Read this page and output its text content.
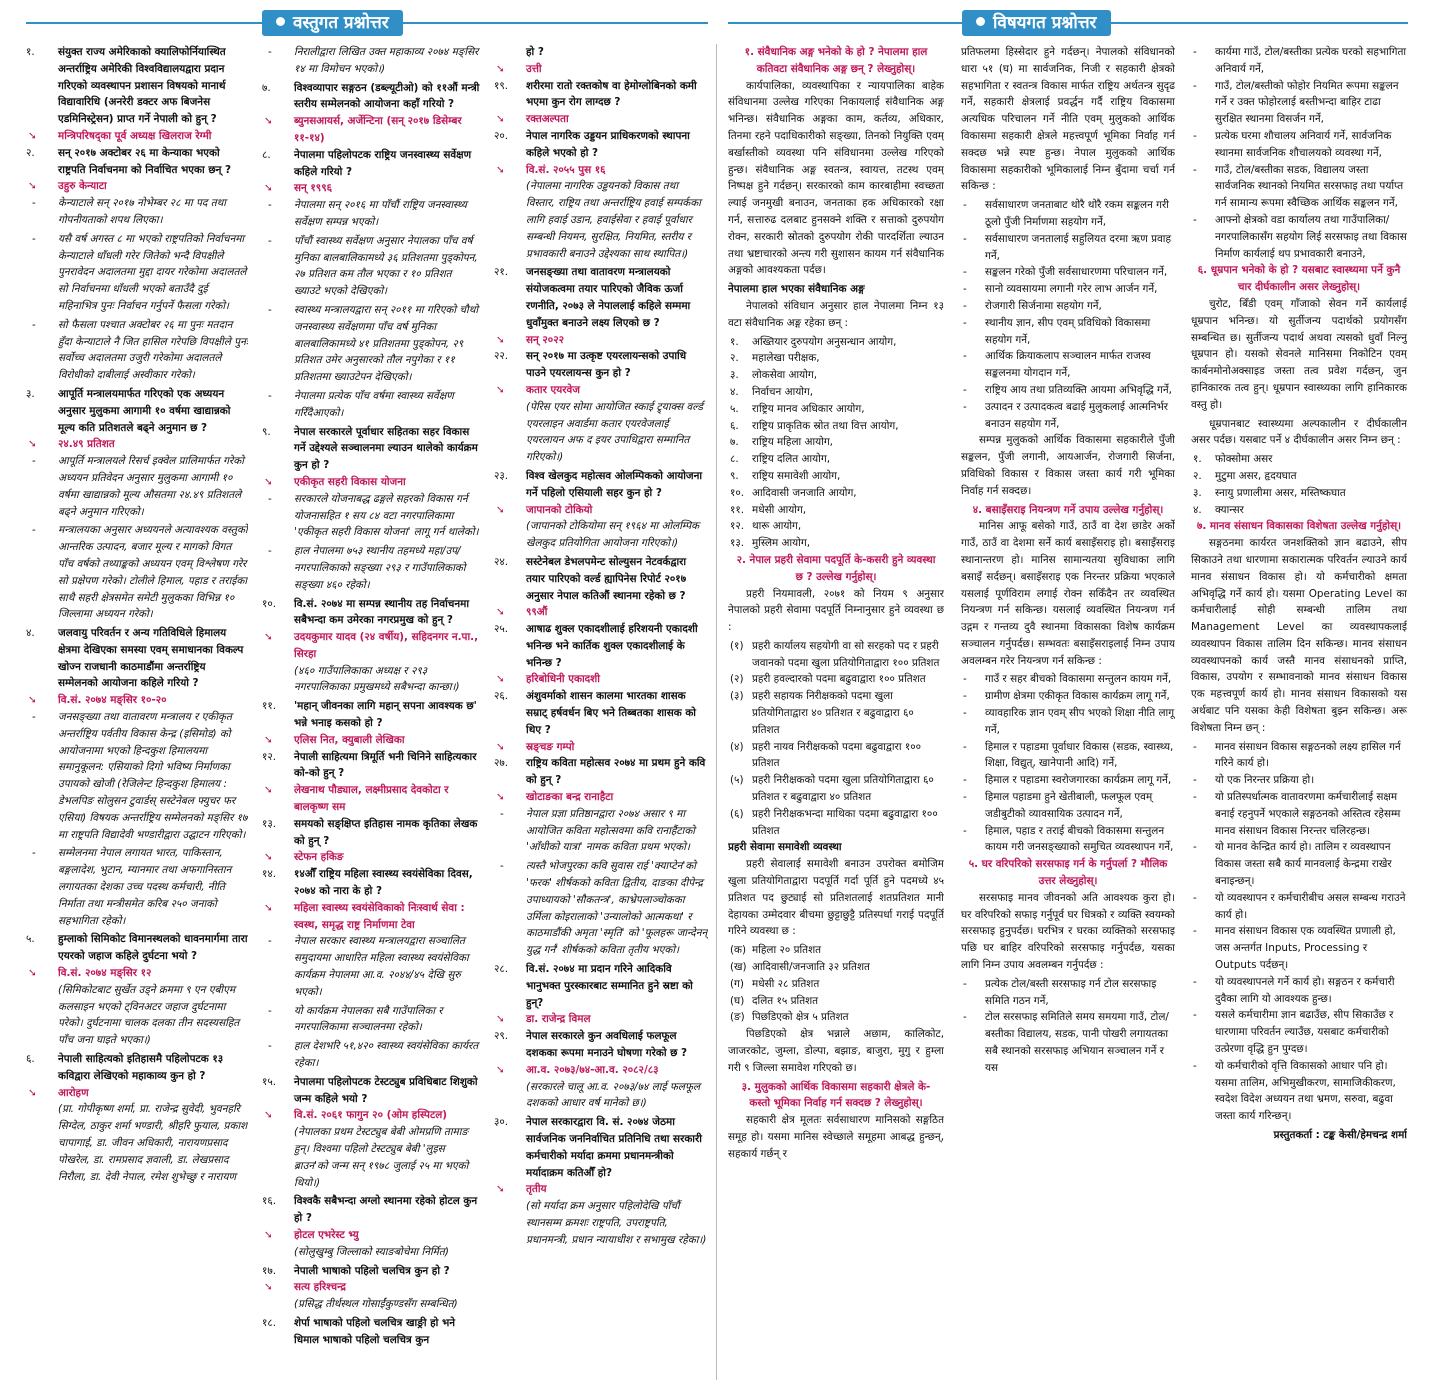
वस्तुगत प्रश्नोत्तर	विषयगत प्रश्नोत्तर

१. संयुक्त राज्य अमेरिकाको क्यालिफोर्नियास्थित अन्तर्राष्ट्रिय अमेरिकी विश्वविद्यालयद्वारा प्रदान गरिएको व्यवस्थापन प्रशासन विषयको मानार्थ विद्यावारिधि (अनरेरी डक्टर अफ बिजनेस एडमिनिस्ट्रेसन) प्राप्त गर्ने नेपाली को हुन् ?

➘ मन्त्रिपरिषद्का पूर्व अध्यक्ष खिलराज रेग्मी

२. सन् २०१७ अक्टोबर २६ मा केन्याका भएको राष्ट्रपति निर्वाचनमा को निर्वाचित भएका छन् ?

➘ उहुरु केन्याटा

- केन्याटाले सन् २०१७ नोभेम्बर २८ मा पद तथा गोपनीयताको शपथ लिएका।

- यसै वर्ष अगस्त ८ मा भएको राष्ट्रपतिको निर्वाचनमा केन्याटाले धाँधली गरेर जितेको भन्दै विपक्षीले पुनरावेदन अदालतमा मुद्दा दायर गरेकोमा अदालतले सो निर्वाचनमा धाँधली भएको बताउँदै दुई महिनाभित्र पुनः निर्वाचन गर्नुपर्ने फैसला गरेको।

- सो फैसला पश्चात अक्टोबर २६ मा पुनः मतदान हुँदा केन्याटाले नै जित हासिल गरेपछि विपक्षीले पुनः सर्वोच्च अदालतमा उजुरी गरेकोमा अदालतले विरोधीको दाबीलाई अस्वीकार गरेको।

३. आपूर्ति मन्त्रालयमार्फत गरिएको एक अध्ययन अनुसार मुलुकमा आगामी १० वर्षमा खाद्यान्नको मूल्य कति प्रतिशतले बढ्ने अनुमान छ ?

➘ २४.४९ प्रतिशत

- आपूर्ति मन्त्रालयले रिसर्च इक्वेल प्रालिमार्फत गरेको अध्ययन प्रतिवेदन अनुसार मुलुकमा आगामी १० वर्षमा खाद्यान्नको मूल्य औसतमा २४.४९ प्रतिशतले बढ्ने अनुमान गरिएको।

- मन्त्रालयका अनुसार अध्ययनले अत्यावश्यक वस्तुको आन्तरिक उत्पादन, बजार मूल्य र मागको विगत पाँच वर्षको तथ्याङ्कको अध्ययन एवम् विश्लेषण गरेर सो प्रक्षेपण गरेको। टोलीले हिमाल, पहाड र तराईका साथै सहरी क्षेत्रसमेत समेटी मुलुकका विभिन्न १० जिल्लामा अध्ययन गरेको।

४. जलवायु परिवर्तन र अन्य गतिविधिले हिमालय क्षेत्रमा देखिएका समस्या एवम् समाधानका विकल्प खोज्न राजधानी काठमाडौंमा अन्तर्राष्ट्रिय सम्मेलनको आयोजना कहिले गरियो ?

➘ वि.सं. २०७४ मङ्सिर १०-२०

- जनसङ्ख्या तथा वातावरण मन्त्रालय र एकीकृत अन्तर्राष्ट्रिय पर्वतीय विकास केन्द्र (इसिमोड) को आयोजनामा भएको हिन्दकुश हिमालयमा समानुकूलन: एसियाको दिगो भविष्य निर्माणका उपायको खोजी (रेजिलेन्ट हिन्दकुश हिमालय : डेभलपिङ सोलुसन टुवार्डस् सस्टेनेबल फ्युचर फर एसिया) विषयक अन्तर्राष्ट्रिय सम्मेलनको मङ्सिर १७ मा राष्ट्रपति विद्यादेवी भण्डारीद्वारा उद्घाटन गरिएको।

- सम्मेलनमा नेपाल लगायत भारत, पाकिस्तान, बङ्गलादेश, भुटान, म्यानमार तथा अफगानिस्तान लगायतका देशका उच्च पदस्थ कर्मचारी, नीति निर्माता तथा मन्त्रीसमेत करिब २५० जनाको सहभागिता रहेको।

५. हुम्लाको सिमिकोट विमानस्थलको धावनमार्गमा तारा एयरको जहाज कहिले दुर्घटना भयो ?

➘ वि.सं. २०७४ मङ्सिर १२

(सिमिकोटबाट सुर्खेत उड्ने क्रममा ९ एन एबीएम कलसाइन भएको ट्विनअटर जहाज दुर्घटनामा परेको। दुर्घटनामा चालक दलका तीन सदस्यसहित पाँच जना घाइते भएका।)

६. नेपाली साहित्यको इतिहासमै पहिलोपटक १३ कविद्वारा लेखिएको महाकाव्य कुन हो ?

➘ आरोहण

(प्रा. गोपीकृष्ण शर्मा, प्रा. राजेन्द्र सुवेदी, भुवनहरि सिग्देल, ठाकुर शर्मा भण्डारी, श्रीहरि फुयाल, प्रकाश चापागाई, डा. जीवन अधिकारी, नारायणप्रसाद पोखरेल, डा. रामप्रसाद ज्ञवाली, डा. लेखप्रसाद निरौला, डा. देवी नेपाल, रमेश शुभेच्छु र नारायण

- निरालीद्वारा लिखित उक्त महाकाव्य २०७४ मङ्सिर १४ मा विमोचन भएको।)

७. विश्वव्यापार सङ्गठन (डब्ल्यूटीओ) को ११औं मन्त्री स्तरीय सम्मेलनको आयोजना कहाँ गरियो ?

➘ ब्युनसआयर्स, अर्जेन्टिना (सन् २०१७ डिसेम्बर ११-१४)

८. नेपालमा पहिलोपटक राष्ट्रिय जनस्वास्थ्य सर्वेक्षण कहिले गरियो ?

➘ सन् १९९६

- नेपालमा सन् २०१६ मा पाँचौं राष्ट्रिय जनस्वास्थ्य सर्वेक्षण सम्पन्न भएको।

- पाँचौं स्वास्थ्य सर्वेक्षण अनुसार नेपालका पाँच वर्ष मुनिका बालबालिकामध्ये ३६ प्रतिशतमा पुड्कोपन, २७ प्रतिशत कम तौल भएका र १० प्रतिशत ख्याउटे भएको देखिएको।

- स्वास्थ्य मन्त्रालयद्वारा सन् २०११ मा गरिएको चौथो जनस्वास्थ्य सर्वेक्षणमा पाँच वर्ष मुनिका बालबालिकामध्ये ४१ प्रतिशतमा पुड्कोपन, २९ प्रतिशत उमेर अनुसारको तौल नपुगेका र ११ प्रतिशतमा ख्याउटेपन देखिएको।

- नेपालमा प्रत्येक पाँच वर्षमा स्वास्थ्य सर्वेक्षण गरिँदैआएको।

९. नेपाल सरकारले पूर्वाधार सहितका सहर विकास गर्ने उद्देश्यले सञ्चालनमा ल्याउन थालेको कार्यक्रम कुन हो ?

➘ एकीकृत सहरी विकास योजना

- सरकारले योजनाबद्ध ढङ्गले सहरको विकास गर्न योजनासहित १ सय ८४ वटा नगरपालिकामा 'एकीकृत सहरी विकास योजना' लागू गर्न थालेको।

- हाल नेपालमा ७५३ स्थानीय तहमध्ये महा/उप/नगरपालिकाको सङ्ख्या २९३ र गाउँपालिकाको सङ्ख्या ४६० रहेको।

१०. वि.सं. २०७४ मा सम्पन्न स्थानीय तह निर्वाचनमा सबैभन्दा कम उमेरका नगरप्रमुख को हुन् ?

➘ उदयकुमार यादव (२४ वर्षीय), सहिदनगर न.पा., सिरहा

(४६० गाउँपालिकाका अध्यक्ष र २९३ नगरपालिकाका प्रमुखमध्ये सबैभन्दा कान्छा।)

११. 'महान् जीवनका लागि महान् सपना आवश्यक छ' भन्ने भनाइ कसको हो ?

➘ एलिस नित, क्युबाली लेखिका

१२. नेपाली साहित्यमा त्रिमूर्ति भनी चिनिने साहित्यकार को-को हुन् ?

➘ लेखनाथ पौड्याल, लक्ष्मीप्रसाद देवकोटा र बालकृष्ण सम

१३. समयको सङ्क्षिप्त इतिहास नामक कृतिका लेखक को हुन् ?

➘ स्टेफन हकिङ

१४. १४औँ राष्ट्रिय महिला स्वास्थ्य स्वयंसेविका दिवस, २०७४ को नारा के हो ?

➘ महिला स्वास्थ्य स्वयंसेविकाको निःस्वार्थ सेवा : स्वस्थ, समृद्ध राष्ट्र निर्माणमा टेवा

- नेपाल सरकार स्वास्थ्य मन्त्रालयद्वारा सञ्चालित समुदायमा आधारित महिला स्वास्थ्य स्वयंसेविका कार्यक्रम नेपालमा आ.व. २०४४/४५ देखि सुरु भएको।

- यो कार्यक्रम नेपालका सबै गाउँपालिका र नगरपालिकामा सञ्चालनमा रहेको।

- हाल देशभरि ५१,४२० स्वास्थ्य स्वयंसेविका कार्यरत रहेका।

१५. नेपालमा पहिलोपटक टेस्टट्युब प्रविधिबाट शिशुको जन्म कहिले भयो ?

➘ वि.सं. २०६१ फागुन २० (ओम हस्पिटल)

(नेपालका प्रथम टेस्टट्युब बेबी ओमप्रणि तामाङ हुन्। विश्वमा पहिलो टेस्टट्युब बेबी 'लुइस ब्राउन'को जन्म सन् १९७८ जुलाई २५ मा भएको थियो।)

१६. विश्वकै सबैभन्दा अग्लो स्थानमा रहेको होटल कुन हो ?

➘ होटल एभरेस्ट भ्यु

(सोलुखुम्बु जिल्लाको स्याङबोचेमा निर्मित)

१७. नेपाली भाषाको पहिलो चलचित्र कुन हो ?

➘ सत्य हरिश्चन्द्र

(प्रसिद्ध तीर्थस्थल गोसाईंकुण्डसँग सम्बन्धित)

१८. शेर्पा भाषाको पहिलो चलचित्र खाङ्री हो भने धिमाल भाषाको पहिलो चलचित्र कुन

हो ?

➘ उत्ती

१९. शरीरमा रातो रक्तकोष वा हेमोग्लोबिनको कमी भएमा कुन रोग लाग्दछ ?

➘ रक्तअल्पता

२०. नेपाल नागरिक उड्डयन प्राधिकरणको स्थापना कहिले भएको हो ?

➘ वि.सं. २०५५ पुस १६

(नेपालमा नागरिक उड्डयनको विकास तथा विस्तार, राष्ट्रिय तथा अन्तर्राष्ट्रिय हवाई सम्पर्कका लागि हवाई उडान, हवाईसेवा र हवाई पूर्वाधार सम्बन्धी नियमन, सुरक्षित, नियमित, स्तरीय र प्रभावकारी बनाउने उद्देश्यका साथ स्थापित।)

२१. जनसङ्ख्या तथा वातावरण मन्त्रालयको संयोजकत्वमा तयार पारिएको जैविक ऊर्जा रणनीति, २०७३ ले नेपाललाई कहिले सम्ममा धुवाँमुक्त बनाउने लक्ष्य लिएको छ ?

➘ सन् २०२२

२२. सन् २०१७ मा उत्कृष्ट एयरलायन्सको उपाधि पाउने एयरलायन्स कुन हो ?

➘ कतार एयरवेज

(पेरिस एयर सोमा आयोजित स्काई ट्र्याक्स वर्ल्ड एयरलाइन अवार्डमा कतार एयरवेजलाई एयरलायन अफ द इयर उपाधिद्वारा सम्मानित गरिएको।)

२३. विश्व खेलकुद महोत्सव ओलम्पिकको आयोजना गर्ने पहिलो एसियाली सहर कुन हो ?

➘ जापानको टोकियो

(जापानको टोकियोमा सन् १९६४ मा ओलम्पिक खेलकुद प्रतियोगिता आयोजना गरिएको।)

२४. सस्टेनेबल डेभलपमेन्ट सोल्युसन नेटवर्कद्वारा तयार पारिएको वर्ल्ड ह्यापिनेस रिपोर्ट २०१७ अनुसार नेपाल कतिऔं स्थानमा रहेको छ ?

➘ ९९औं

२५. आषाढ शुक्ल एकादशीलाई हरिशयनी एकादशी भनिन्छ भने कार्तिक शुक्ल एकादशीलाई के भनिन्छ ?

➘ हरिबोधिनी एकादशी

२६. अंशुवर्माको शासन कालमा भारतका शासक सम्राट् हर्षवर्धन बिए भने तिब्बतका शासक को थिए ?

➘ स्रङ्चङ गम्पो

२७. राष्ट्रिय कविता महोत्सव २०७४ मा प्रथम हुने कवि को हुन् ?

➘ खोटाङका बन्द्र रानाहैटा

- नेपाल प्रज्ञा प्रतिष्ठानद्वारा २०७४ असार ९ मा आयोजित कविता महोत्सवमा कवि रानाहैंटाको 'आँधीको यात्रा' नामक कविता प्रथम भएको।

- त्यस्तै भोजपुरका कवि सुवास राई 'क्याप्टेन'को 'फरक' शीर्षकको कविता द्वितीय, दाङका दीपेन्द्र उपाध्यायको 'सौकतन्त्र', काभ्रेपलाञ्चोकका उर्मिला कोइरालाको 'उन्यालोको आत्मकथा' र काठमाडौंकी अमृता 'स्मृति' को 'फूलहरू जान्देनन् युद्ध गर्न' शीर्षकको कविता तृतीय भएको।

२८. वि.सं. २०७४ मा प्रदान गरिने आदिकवि भानुभक्त पुरस्कारबाट सम्मानित हुने स्रष्टा को हुन्?

➘ डा. राजेन्द्र विमल

२९. नेपाल सरकारले कुन अवधिलाई फलफूल दशकका रूपमा मनाउने घोषणा गरेको छ ?

➘ आ.व. २०७३/७४-आ.व. २०८२/८३

(सरकारले चालू आ.व. २०७३/७४ लाई फलफूल दशकको आधार वर्ष मानेको छ।)

३०. नेपाल सरकारद्वारा वि. सं. २०७४ जेठमा सार्वजनिक जननिर्वाचित प्रतिनिधि तथा सरकारी कर्मचारीको मर्यादा क्रममा प्रधानमन्त्रीको मर्यादाक्रम कतिऔँ हो?

➘ तृतीय

(सो मर्यादा क्रम अनुसार पहिलोदेखि पाँचौं स्थानसम्म क्रमशः राष्ट्रपति, उपराष्ट्रपति, प्रधानमन्त्री, प्रधान न्यायाधीश र सभामुख रहेका।)

१. संवैधानिक अङ्ग भनेको के हो ? नेपालमा हाल कतिवटा संवैधानिक अङ्ग छन् ? लेख्नुहोस्।

कार्यपालिका, व्यवस्थापिका र न्यायपालिका बाहेक संविधानमा उल्लेख गरिएका निकायलाई संवैधानिक अङ्ग भनिन्छ। संवैधानिक अङ्गका काम, कर्तव्य, अधिकार, तिनमा रहने पदाधिकारीको सङ्ख्या, तिनको नियुक्ति एवम् बर्खास्तीको व्यवस्था पनि संविधानमा उल्लेख गरिएको हुन्छ। संवैधानिक अङ्ग स्वतन्त्र, स्वायत्त, तटस्थ एवम् निष्पक्ष हुने गर्दछन्। सरकारको काम कारबाहीमा स्वच्छता ल्याई जनमुखी बनाउन, जनताका हक अधिकारको रक्षा गर्न, सत्तारुढ दलबाट हुनसक्ने शक्ति र सत्ताको दुरुपयोग रोक्न, सरकारी स्रोतको दुरुपयोग रोकी पारदर्शिता ल्याउन तथा भ्रष्टाचारको अन्त्य गरी सुशासन कायम गर्न संवैधानिक अङ्गको आवश्यकता पर्दछ।

नेपालमा हाल भएका संवैधानिक अङ्ग

नेपालको संविधान अनुसार हाल नेपालमा निम्न १३ वटा संवैधानिक अङ्ग रहेका छन् :

१. अख्तियार दुरुपयोग अनुसन्धान आयोग,

२. महालेखा परीक्षक,

३. लोकसेवा आयोग,

४. निर्वाचन आयोग,

५. राष्ट्रिय मानव अधिकार आयोग,

६. राष्ट्रिय प्राकृतिक स्रोत तथा वित्त आयोग,

७. राष्ट्रिय महिला आयोग,

८. राष्ट्रिय दलित आयोग,

९. राष्ट्रिय समावेशी आयोग,

१०. आदिवासी जनजाति आयोग,

११. मधेसी आयोग,

१२. थारू आयोग,

१३. मुस्लिम आयोग,

२. नेपाल प्रहरी सेवामा पदपूर्ति के-कसरी हुने व्यवस्था छ ? उल्लेख गर्नुहोस्।

प्रहरी नियमावली, २०७१ को नियम ९ अनुसार नेपालको प्रहरी सेवामा पदपूर्ति निम्नानुसार हुने व्यवस्था छ :

(१) प्रहरी कार्यालय सहयोगी वा सो सरहको पद र प्रहरी जवानको पदमा खुला प्रतियोगिताद्वारा १०० प्रतिशत

(२) प्रहरी हवल्दारको पदमा बढुवाद्वारा १०० प्रतिशत

(३) प्रहरी सहायक निरीक्षकको पदमा खुला प्रतियोगिताद्वारा ४० प्रतिशत र बढुवाद्वारा ६० प्रतिशत

(४) प्रहरी नायव निरीक्षकको पदमा बढुवाद्वारा १०० प्रतिशत

(५) प्रहरी निरीक्षकको पदमा खुला प्रतियोगिताद्वारा ६० प्रतिशत र बढुवाद्वारा ४० प्रतिशत

(६) प्रहरी निरीक्षकभन्दा माथिका पदमा बढुवाद्वारा १०० प्रतिशत

प्रहरी सेवामा समावेशी व्यवस्था

प्रहरी सेवालाई समावेशी बनाउन उपरोक्त बमोजिम खुला प्रतियोगिताद्वारा पदपूर्ति गर्दा पूर्ति हुने पदमध्ये ४५ प्रतिशत पद छुट्याई सो प्रतिशतलाई शतप्रतिशत मानी देहायका उम्मेदवार बीचमा छुट्टाछुट्टै प्रतिस्पर्धा गराई पदपूर्ति गरिने व्यवस्था छ :

(क) महिला २० प्रतिशत

(ख) आदिवासी/जनजाति ३२ प्रतिशत

(ग) मधेसी २८ प्रतिशत

(घ) दलित १५ प्रतिशत

(ङ) पिछडिएको क्षेत्र ५ प्रतिशत

पिछडिएको क्षेत्र भन्नाले अछाम, कालिकोट, जाजरकोट, जुम्ला, डोल्पा, बझाङ, बाजुरा, मुगु र हुम्ला गरी ९ जिल्ला समावेश गरिएको छ।

३. मुलुकको आर्थिक विकासमा सहकारी क्षेत्रले के-कस्तो भूमिका निर्वाह गर्न सक्दछ ? लेख्नुहोस्।

सहकारी क्षेत्र मूलतः सर्वसाधारण मानिसको सङ्गठित समूह हो। यसमा मानिस स्वेच्छाले समूहमा आबद्ध हुन्छन्, सहकार्य गर्छन् र

प्रतिफलमा हिस्सेदार हुने गर्दछन्। नेपालको संविधानको धारा ५१ (घ) मा सार्वजनिक, निजी र सहकारी क्षेत्रको सहभागिता र स्वतन्त्र विकास मार्फत राष्ट्रिय अर्थतन्त्र सुदृढ गर्ने, सहकारी क्षेत्रलाई प्रवर्द्धन गर्दै राष्ट्रिय विकासमा अत्यधिक परिचालन गर्ने नीति एवम् मुलुकको आर्थिक विकासमा सहकारी क्षेत्रले महत्त्वपूर्ण भूमिका निर्वाह गर्न सक्दछ भन्ने स्पष्ट हुन्छ। नेपाल मुलुकको आर्थिक विकासमा सहकारीको भूमिकालाई निम्न बुँदामा चर्चा गर्न सकिन्छ :

- सर्वसाधारण जनताबाट थोरै थोरै रकम सङ्कलन गरी ठूलो पुँजी निर्माणमा सहयोग गर्ने,

- सर्वसाधारण जनतालाई सहुलियत दरमा ऋण प्रवाह गर्ने,

- सङ्कलन गरेको पुँजी सर्वसाधारणमा परिचालन गर्ने,

- सानो व्यवसायमा लगानी गरेर लाभ आर्जन गर्ने,

- रोजगारी सिर्जनामा सहयोग गर्ने,

- स्थानीय ज्ञान, सीप एवम् प्रविधिको विकासमा सहयोग गर्ने,

- आर्थिक क्रियाकलाप सञ्चालन मार्फत राजस्व सङ्कलनमा योगदान गर्ने,

- राष्ट्रिय आय तथा प्रतिव्यक्ति आयमा अभिवृद्धि गर्ने,

- उत्पादन र उत्पादकत्व बढाई मुलुकलाई आत्मनिर्भर बनाउन सहयोग गर्ने,

सम्पन्न मुलुकको आर्थिक विकासमा सहकारीले पुँजी सङ्कलन, पुँजी लगानी, आयआर्जन, रोजगारी सिर्जना, प्रविधिको विकास र विकास जस्ता कार्य गरी भूमिका निर्वाह गर्न सक्दछ।

४. बसाइँसराइ नियन्त्रण गर्ने उपाय उल्लेख गर्नुहोस्।

मानिस आफू बसेको गाउँ, ठाउँ वा देश छाडेर अर्को गाउँ, ठाउँ वा देशमा सर्ने कार्य बसाइँसराइ हो। बसाइँसराइ स्थानान्तरण हो। मानिस सामान्यतया सुविधाका लागि बसाइँ सर्दछन्। बसाइँसराइ एक निरन्तर प्रक्रिया भएकाले यसलाई पूर्णविराम लगाई रोक्न सकिँदैन तर व्यवस्थित नियन्त्रण गर्न सकिन्छ। यसलाई व्यवस्थित नियन्त्रण गर्न उद्गम र गन्तव्य दुवै स्थानमा विकासका विशेष कार्यक्रम सञ्चालन गर्नुपर्दछ। सम्भवतः बसाइँसराइलाई निम्न उपाय अवलम्बन गरेर नियन्त्रण गर्न सकिन्छ :

- गाउँ र सहर बीचको विकासमा सन्तुलन कायम गर्ने,

- ग्रामीण क्षेत्रमा एकीकृत विकास कार्यक्रम लागू गर्ने,

- व्यावहारिक ज्ञान एवम् सीप भएको शिक्षा नीति लागू गर्ने,

- हिमाल र पहाडमा पूर्वाधार विकास (सडक, स्वास्थ्य, शिक्षा, विद्युत्, खानेपानी आदि) गर्ने,

- हिमाल र पहाडमा स्वरोजगारका कार्यक्रम लागू गर्ने,

- हिमाल पहाडमा हुने खेतीबाली, फलफूल एवम् जडीबुटीको व्यावसायिक उत्पादन गर्ने,

- हिमाल, पहाड र तराई बीचको विकासमा सन्तुलन कायम गरी जनसङ्ख्याको समुचित व्यवस्थापन गर्ने,

५. घर वरिपरिको सरसफाइ गर्न के गर्नुपर्ला ? मौलिक उत्तर लेख्नुहोस्।

सरसफाइ मानव जीवनको अति आवश्यक कुरा हो। घर वरिपरिको सफाइ गर्नुपूर्व घर धित्रको र व्यक्ति स्वयम्को सरसफाइ हुनुपर्दछ। घरभित्र र घरका व्यक्तिको सरसफाइ पछि घर बाहिर वरिपरिको सरसफाइ गर्नुपर्दछ, यसका लागि निम्न उपाय अवलम्बन गर्नुपर्दछ :

- प्रत्येक टोल/बस्ती सरसफाइ गर्न टोल सरसफाइ समिति गठन गर्ने,

- टोल सरसफाइ समितिले समय समयमा गाउँ, टोल/बस्तीका विद्यालय, सडक, पानी पोखरी लगायतका सबै स्थानको सरसफाइ अभियान सञ्चालन गर्ने र यस

- कार्यमा गाउँ, टोल/बस्तीका प्रत्येक घरको सहभागिता अनिवार्य गर्ने,

- गाउँ, टोल/बस्तीको फोहोर नियमित रूपमा सङ्कलन गर्ने र उक्त फोहोरलाई बस्तीभन्दा बाहिर टाढा सुरक्षित स्थानमा विसर्जन गर्ने,

- प्रत्येक घरमा शौचालय अनिवार्य गर्ने, सार्वजनिक स्थानमा सार्वजनिक शौचालयको व्यवस्था गर्ने,

- गाउँ, टोल/बस्तीका सडक, विद्यालय जस्ता सार्वजनिक स्थानको नियमित सरसफाइ तथा पर्याप्त गर्न सामान्य रूपमा स्वैच्छिक आर्थिक सङ्कलन गर्ने,

- आफ्नो क्षेत्रको वडा कार्यालय तथा गाउँपालिका/नगरपालिकासँग सहयोग लिई सरसफाइ तथा विकास निर्माण कार्यलाई थप प्रभावकारी बनाउने,

६. धूम्रपान भनेको के हो ? यसबाट स्वास्थ्यमा पर्ने कुनै चार दीर्घकालीन असर लेख्नुहोस्।

चुरोट, बिँडी एवम् गाँजाको सेवन गर्ने कार्यलाई धूम्रपान भनिन्छ। यो सुर्तीजन्य पदार्थको प्रयोगसँग सम्बन्धित छ। सुर्तीजन्य पदार्थ अथवा त्यसको धुवाँ निल्नु धूम्रपान हो। यसको सेवनले मानिसमा निकोटिन एवम् कार्बनमोनोअक्साइड जस्ता तत्व प्रवेश गर्दछन्, जुन हानिकारक तत्व हुन्। धूम्रपान स्वास्थ्यका लागि हानिकारक वस्तु हो।

धूम्रपानबाट स्वास्थ्यमा अल्पकालीन र दीर्घकालीन असर पर्दछ। यसबाट पर्ने ४ दीर्घकालीन असर निम्न छन् :

१. फोक्सोमा असर

२. मुटुमा असर, हृदयघात

३. स्नायु प्रणालीमा असर, मस्तिष्कघात

४. क्यान्सर

७. मानव संसाधन विकासका विशेषता उल्लेख गर्नुहोस्।

सङ्गठनमा कार्यरत जनशक्तिको ज्ञान बढाउने, सीप सिकाउने तथा धारणामा सकारात्मक परिवर्तन ल्याउने कार्य मानव संसाधन विकास हो। यो कर्मचारीको क्षमता अभिवृद्धि गर्ने कार्य हो। यसमा Operating Level का कर्मचारीलाई सोही सम्बन्धी तालिम तथा Management Level का व्यवस्थापकलाई व्यवस्थापन विकास तालिम दिन सकिन्छ। मानव संसाधन व्यवस्थापनको कार्य जस्तै मानव संसाधनको प्राप्ति, विकास, उपयोग र सम्भावनाको मानव संसाधन विकास एक महत्त्वपूर्ण कार्य हो। मानव संसाधन विकासको यस अर्थबाट पनि यसका केही विशेषता बुझ्न सकिन्छ। अरू विशेषता निम्न छन् :

- मानव संसाधन विकास सङ्गठनको लक्ष्य हासिल गर्न गरिने कार्य हो।

- यो एक निरन्तर प्रक्रिया हो।

- यो प्रतिस्पर्धात्मक वातावरणमा कर्मचारीलाई सक्षम बनाई रहनुपर्ने भएकाले सङ्गठनको अस्तित्व रहेसम्म मानव संसाधन विकास निरन्तर चलिरहन्छ।

- यो मानव केन्द्रित कार्य हो। तालिम र व्यवस्थापन विकास जस्ता सबै कार्य मानवलाई केन्द्रमा राखेर बनाइन्छन्।

- यो व्यवस्थापन र कर्मचारीबीच असल सम्बन्ध गराउने कार्य हो।

- मानव संसाधन विकास एक व्यवस्थित प्रणाली हो, जस अन्तर्गत Inputs, Processing र Outputs पर्दछन्।

- यो व्यवस्थापनले गर्ने कार्य हो। सङ्गठन र कर्मचारी दुवैका लागि यो आवश्यक हुन्छ।

- यसले कर्मचारीमा ज्ञान बढाउँछ, सीप सिकाउँछ र धारणामा परिवर्तन ल्याउँछ, यसबाट कर्मचारीको उत्प्रेरणा वृद्धि हुन पुग्दछ।

- यो कर्मचारीको वृत्ति विकासको आधार पनि हो। यसमा तालिम, अभिमुखीकरण, सामाजिकीकरण, स्वदेश विदेश अध्ययन तथा भ्रमण, सरुवा, बढुवा जस्ता कार्य गरिन्छन्।

प्रस्तुतकर्ता : टङ्क केसी/हेमचन्द्र शर्मा
